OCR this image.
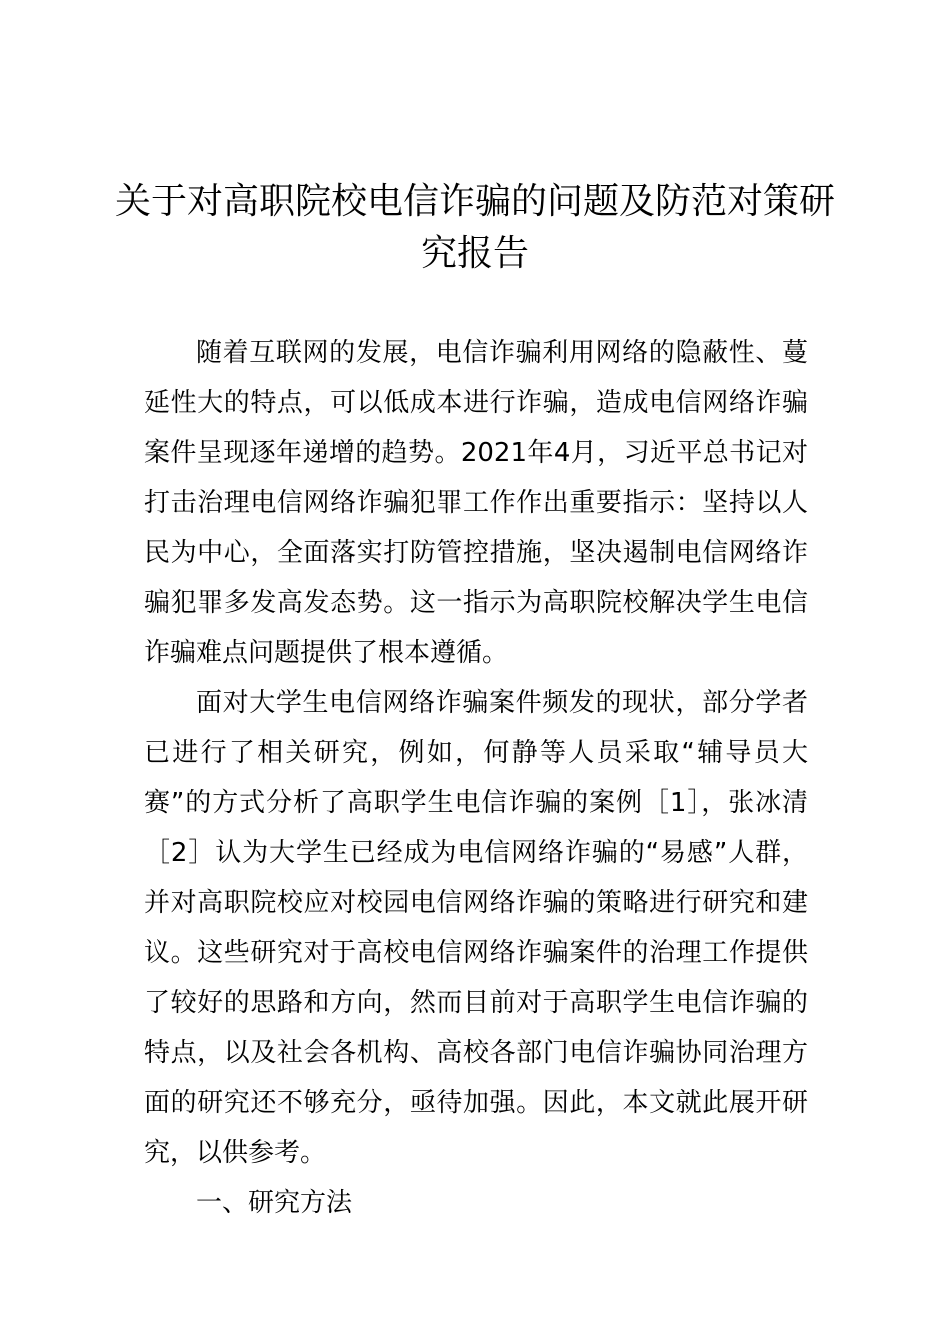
关于对高职院校电信诈骗的问题及防范对策研究报告

随着互联网的发展，电信诈骗利用网络的隐蔽性、蔓延性大的特点，可以低成本进行诈骗，造成电信网络诈骗案件呈现逐年递增的趋势。2021年4月，习近平总书记对打击治理电信网络诈骗犯罪工作作出重要指示：坚持以人民为中心，全面落实打防管控措施，坚决遏制电信网络诈骗犯罪多发高发态势。这一指示为高职院校解决学生电信诈骗难点问题提供了根本遵循。

面对大学生电信网络诈骗案件频发的现状，部分学者已进行了相关研究，例如，何静等人员采取“辅导员大赛”的方式分析了高职学生电信诈骗的案例［1］，张冰清［2］认为大学生已经成为电信网络诈骗的“易感”人群，并对高职院校应对校园电信网络诈骗的策略进行研究和建议。这些研究对于高校电信网络诈骗案件的治理工作提供了较好的思路和方向，然而目前对于高职学生电信诈骗的特点，以及社会各机构、高校各部门电信诈骗协同治理方面的研究还不够充分，亟待加强。因此，本文就此展开研究，以供参考。

一、研究方法
